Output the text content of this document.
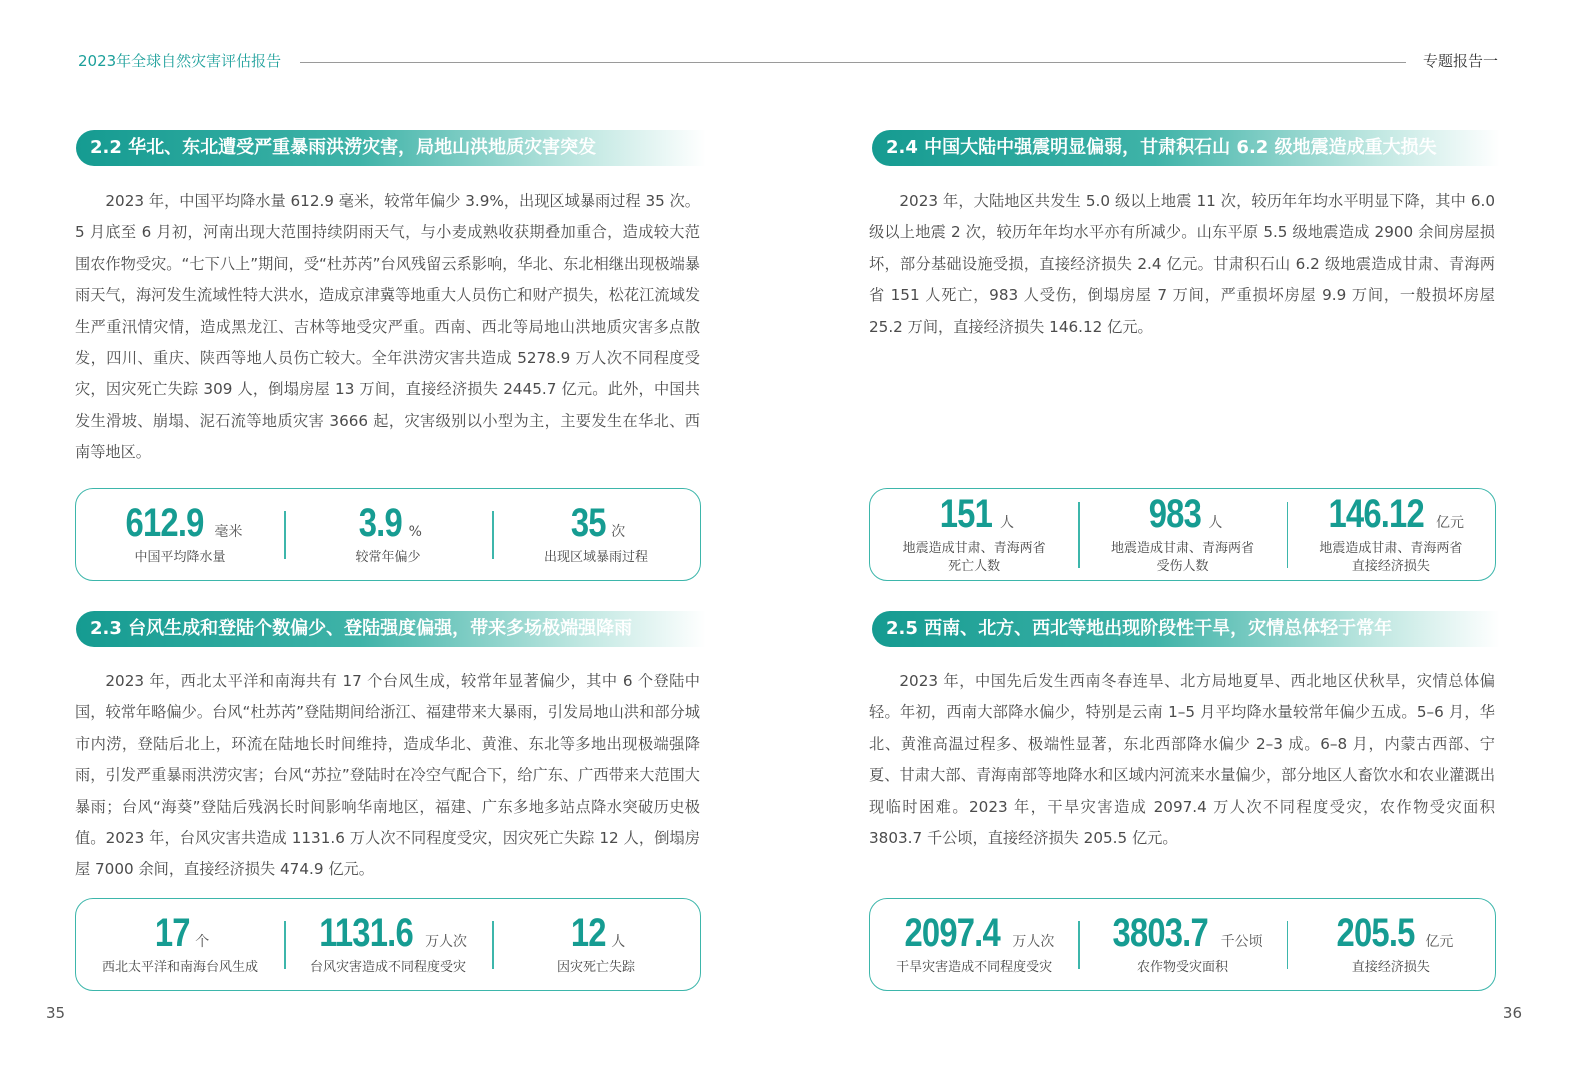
2023年全球自然灾害评估报告	专题报告一
2.2 华北、东北遭受严重暴雨洪涝灾害，局地山洪地质灾害突发

2023 年，中国平均降水量 612.9 毫米，较常年偏少 3.9%，出现区域暴雨过程 35 次。5 月底至 6 月初，河南出现大范围持续阴雨天气，与小麦成熟收获期叠加重合，造成较大范围农作物受灾。“七下八上”期间，受“杜苏芮”台风残留云系影响，华北、东北相继出现极端暴雨天气，海河发生流域性特大洪水，造成京津冀等地重大人员伤亡和财产损失，松花江流域发生严重汛情灾情，造成黑龙江、吉林等地受灾严重。西南、西北等局地山洪地质灾害多点散发，四川、重庆、陕西等地人员伤亡较大。全年洪涝灾害共造成 5278.9 万人次不同程度受灾，因灾死亡失踪 309 人，倒塌房屋 13 万间，直接经济损失 2445.7 亿元。此外，中国共发生滑坡、崩塌、泥石流等地质灾害 3666 起，灾害级别以小型为主，主要发生在华北、西南等地区。

612.9 毫米
中国平均降水量
3.9 %
较常年偏少
35 次
出现区域暴雨过程
2.3 台风生成和登陆个数偏少、登陆强度偏强，带来多场极端强降雨

2023 年，西北太平洋和南海共有 17 个台风生成，较常年显著偏少，其中 6 个登陆中国，较常年略偏少。台风“杜苏芮”登陆期间给浙江、福建带来大暴雨，引发局地山洪和部分城市内涝，登陆后北上，环流在陆地长时间维持，造成华北、黄淮、东北等多地出现极端强降雨，引发严重暴雨洪涝灾害；台风“苏拉”登陆时在冷空气配合下，给广东、广西带来大范围大暴雨；台风“海葵”登陆后残涡长时间影响华南地区，福建、广东多地多站点降水突破历史极值。2023 年，台风灾害共造成 1131.6 万人次不同程度受灾，因灾死亡失踪 12 人，倒塌房屋 7000 余间，直接经济损失 474.9 亿元。

17 个
西北太平洋和南海台风生成
1131.6 万人次
台风灾害造成不同程度受灾
12 人
因灾死亡失踪
2.4 中国大陆中强震明显偏弱，甘肃积石山 6.2 级地震造成重大损失

2023 年，大陆地区共发生 5.0 级以上地震 11 次，较历年年均水平明显下降，其中 6.0 级以上地震 2 次，较历年年均水平亦有所减少。山东平原 5.5 级地震造成 2900 余间房屋损坏，部分基础设施受损，直接经济损失 2.4 亿元。甘肃积石山 6.2 级地震造成甘肃、青海两省 151 人死亡，983 人受伤，倒塌房屋 7 万间，严重损坏房屋 9.9 万间，一般损坏房屋 25.2 万间，直接经济损失 146.12 亿元。

151 人
地震造成甘肃、青海两省
死亡人数
983 人
地震造成甘肃、青海两省
受伤人数
146.12 亿元
地震造成甘肃、青海两省
直接经济损失
2.5 西南、北方、西北等地出现阶段性干旱，灾情总体轻于常年

2023 年，中国先后发生西南冬春连旱、北方局地夏旱、西北地区伏秋旱，灾情总体偏轻。年初，西南大部降水偏少，特别是云南 1–5 月平均降水量较常年偏少五成。5–6 月，华北、黄淮高温过程多、极端性显著，东北西部降水偏少 2–3 成。6–8 月，内蒙古西部、宁夏、甘肃大部、青海南部等地降水和区域内河流来水量偏少，部分地区人畜饮水和农业灌溉出现临时困难。2023 年，干旱灾害造成 2097.4 万人次不同程度受灾，农作物受灾面积 3803.7 千公顷，直接经济损失 205.5 亿元。

2097.4 万人次
干旱灾害造成不同程度受灾
3803.7 千公顷
农作物受灾面积
205.5 亿元
直接经济损失
35	36
